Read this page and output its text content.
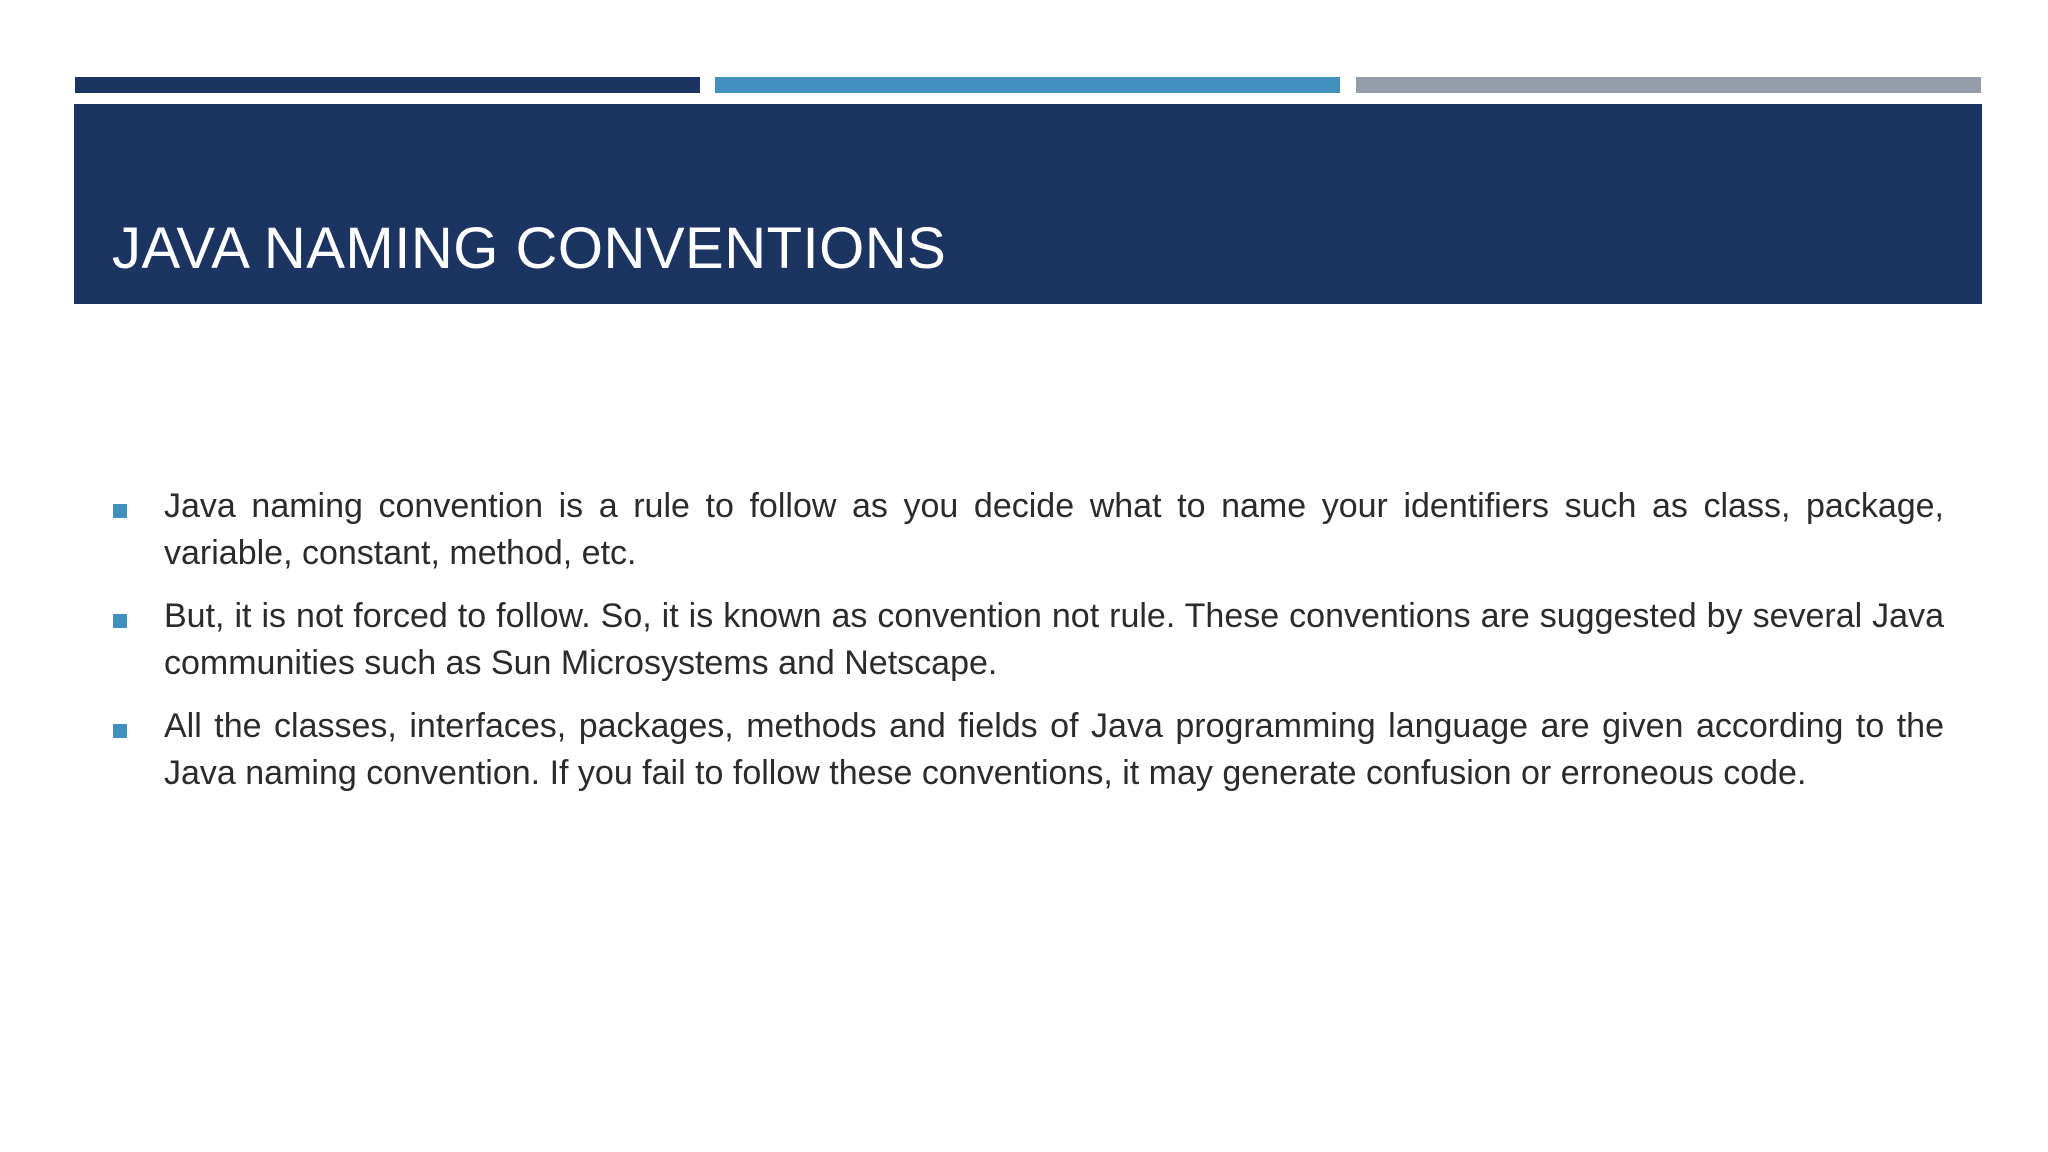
JAVA NAMING CONVENTIONS

Java naming convention is a rule to follow as you decide what to name your identifiers such as class, package, variable, constant, method, etc.

But, it is not forced to follow. So, it is known as convention not rule. These conventions are suggested by several Java communities such as Sun Microsystems and Netscape.

All the classes, interfaces, packages, methods and fields of Java programming language are given according to the Java naming convention. If you fail to follow these conventions, it may generate confusion or erroneous code.
